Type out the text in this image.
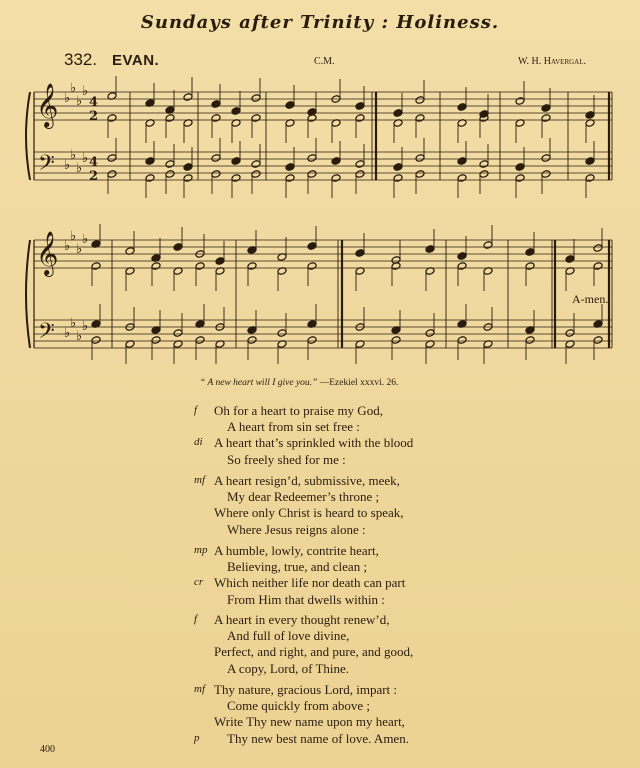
Sundays after Trinity : Holiness.
332. EVAN.	C.M.	W. H. Havergal.
𝄞
𝄢
♭
♭
♭
♭
♭
♭
♭
♭
4
2
4
2
𝄞
𝄢
♭
♭
♭
♭
♭
♭
♭
♭
A-men.
“ A new heart will I give you.” —Ezekiel xxxvi. 26.
f Oh for a heart to praise my God,
A heart from sin set free :
di A heart that’s sprinkled with the blood
So freely shed for me :
mf A heart resign’d, submissive, meek,
My dear Redeemer’s throne ;
Where only Christ is heard to speak,
Where Jesus reigns alone :
mp A humble, lowly, contrite heart,
Believing, true, and clean ;
cr Which neither life nor death can part
From Him that dwells within :
f A heart in every thought renew’d,
And full of love divine,
Perfect, and right, and pure, and good,
A copy, Lord, of Thine.
mf Thy nature, gracious Lord, impart :
Come quickly from above ;
Write Thy new name upon my heart,
p Thy new best name of love. Amen.
400
